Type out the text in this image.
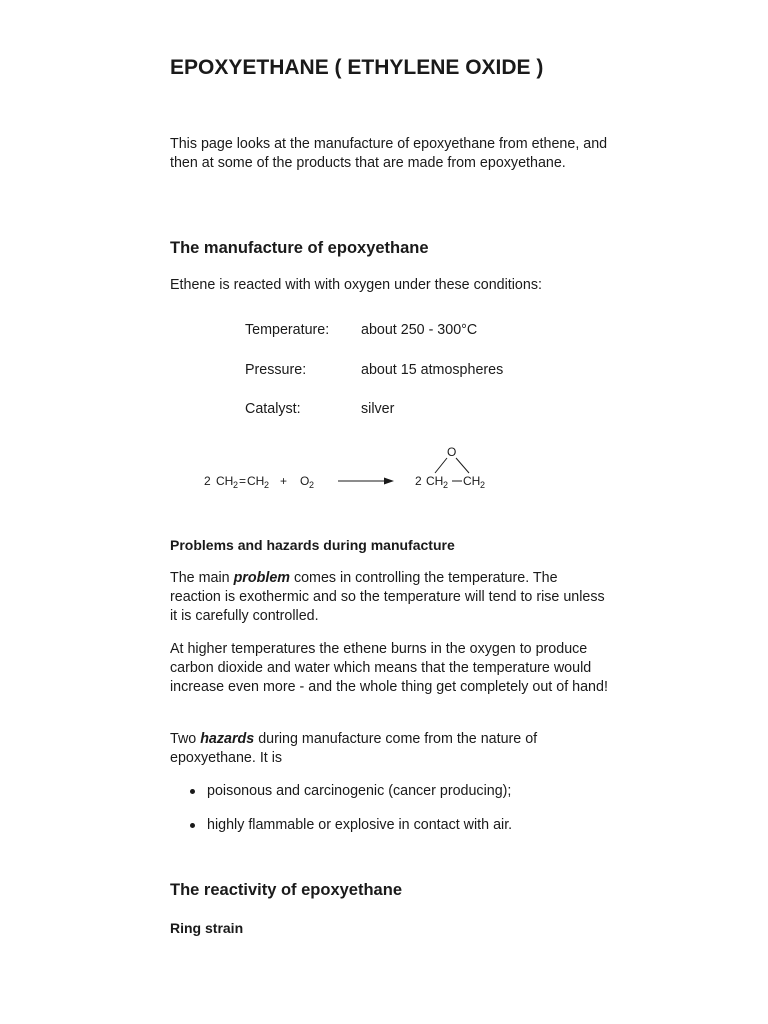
EPOXYETHANE ( ETHYLENE OXIDE )

This page looks at the manufacture of epoxyethane from ethene, and then at some of the products that are made from epoxyethane.

The manufacture of epoxyethane

Ethene is reacted with with oxygen under these conditions:

Temperature: about 250 - 300°C
Pressure:	about 15 atmospheres
Catalyst:	silver
Problems and hazards during manufacture

The main problem comes in controlling the temperature. The reaction is exothermic and so the temperature will tend to rise unless it is carefully controlled.

At higher temperatures the ethene burns in the oxygen to produce carbon dioxide and water which means that the temperature would increase even more - and the whole thing get completely out of hand!

Two hazards during manufacture come from the nature of epoxyethane. It is

poisonous and carcinogenic (cancer producing);
highly flammable or explosive in contact with air.
The reactivity of epoxyethane
Ring strain
2 CH 2 = CH 2 + O 2	2 CH 2 CH 2
O
